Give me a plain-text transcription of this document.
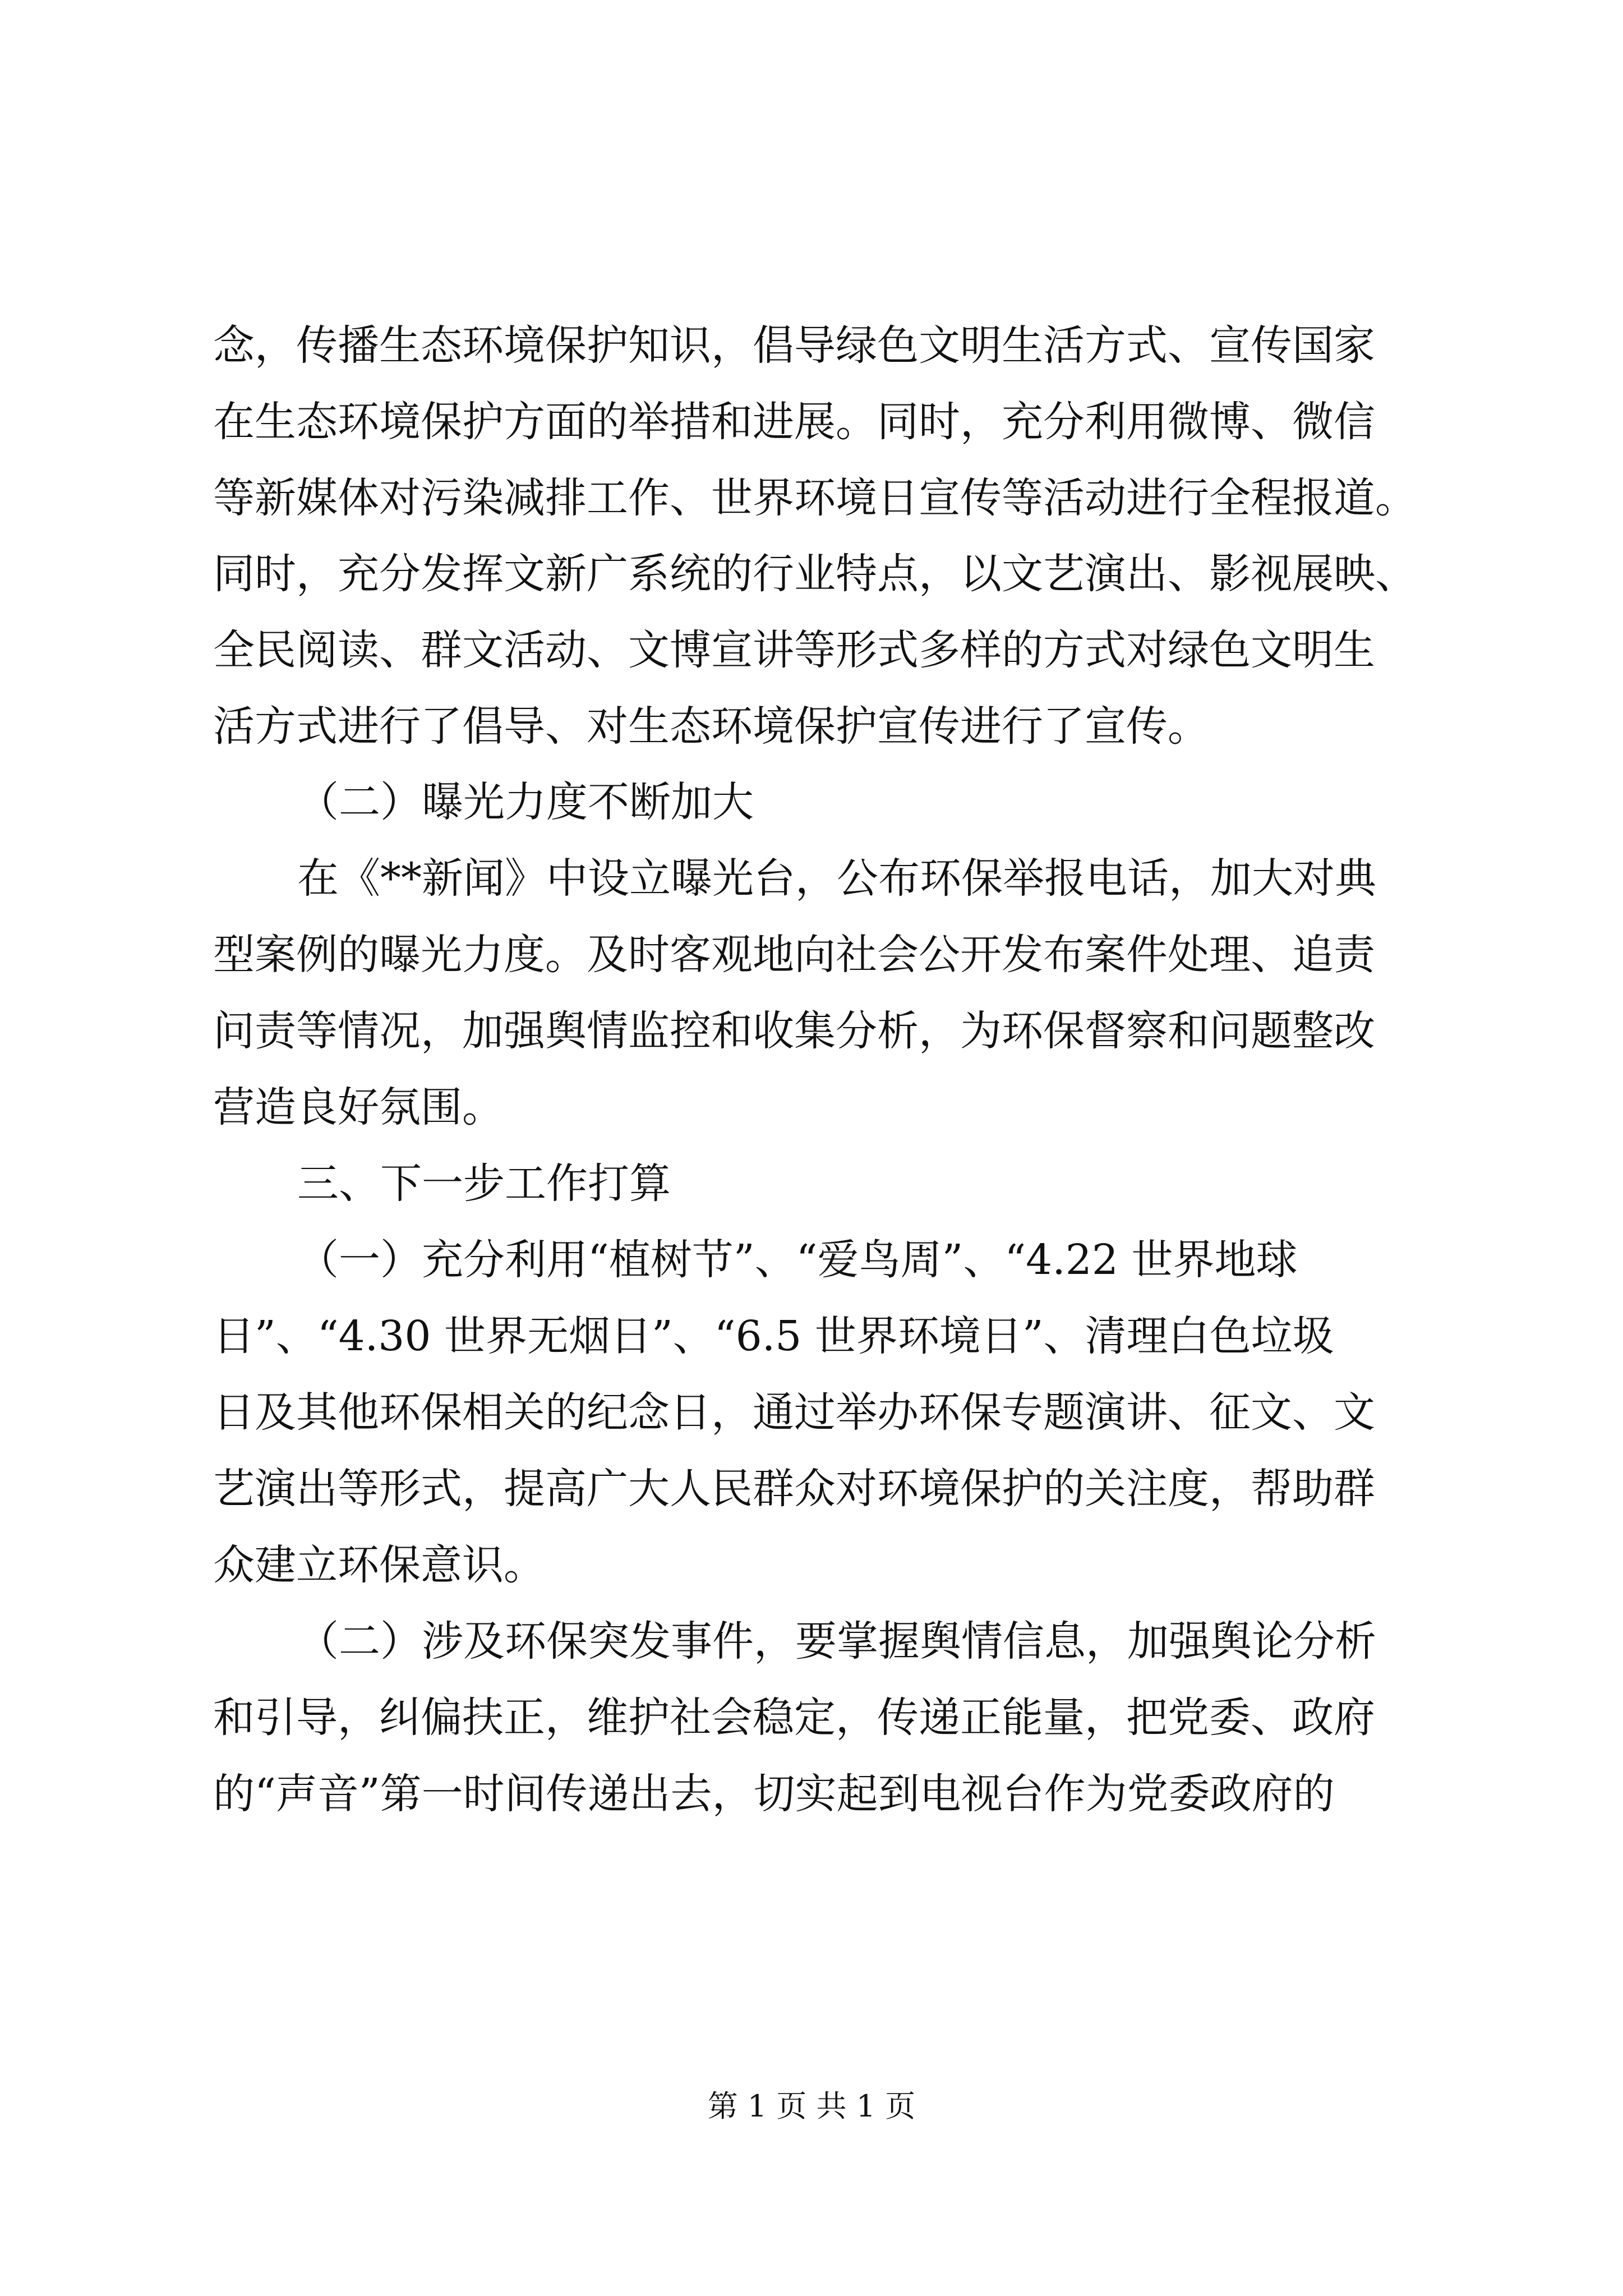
念，传播生态环境保护知识，倡导绿色文明生活方式、宣传国家
在生态环境保护方面的举措和进展。同时，充分利用微博、微信
等新媒体对污染减排工作、世界环境日宣传等活动进行全程报道。
同时，充分发挥文新广系统的行业特点，以文艺演出、影视展映、
全民阅读、群文活动、文博宣讲等形式多样的方式对绿色文明生
活方式进行了倡导、对生态环境保护宣传进行了宣传。
（二）曝光力度不断加大
在《**新闻》中设立曝光台，公布环保举报电话，加大对典
型案例的曝光力度。及时客观地向社会公开发布案件处理、追责
问责等情况，加强舆情监控和收集分析，为环保督察和问题整改
营造良好氛围。
三、下一步工作打算
（一）充分利用“植树节”、“爱鸟周”、“4.22 世界地球
日”、“4.30 世界无烟日”、“6.5 世界环境日”、清理白色垃圾
日及其他环保相关的纪念日，通过举办环保专题演讲、征文、文
艺演出等形式，提高广大人民群众对环境保护的关注度，帮助群
众建立环保意识。
（二）涉及环保突发事件，要掌握舆情信息，加强舆论分析
和引导，纠偏扶正，维护社会稳定，传递正能量，把党委、政府
的“声音”第一时间传递出去，切实起到电视台作为党委政府的
第 1 页 共 1 页
